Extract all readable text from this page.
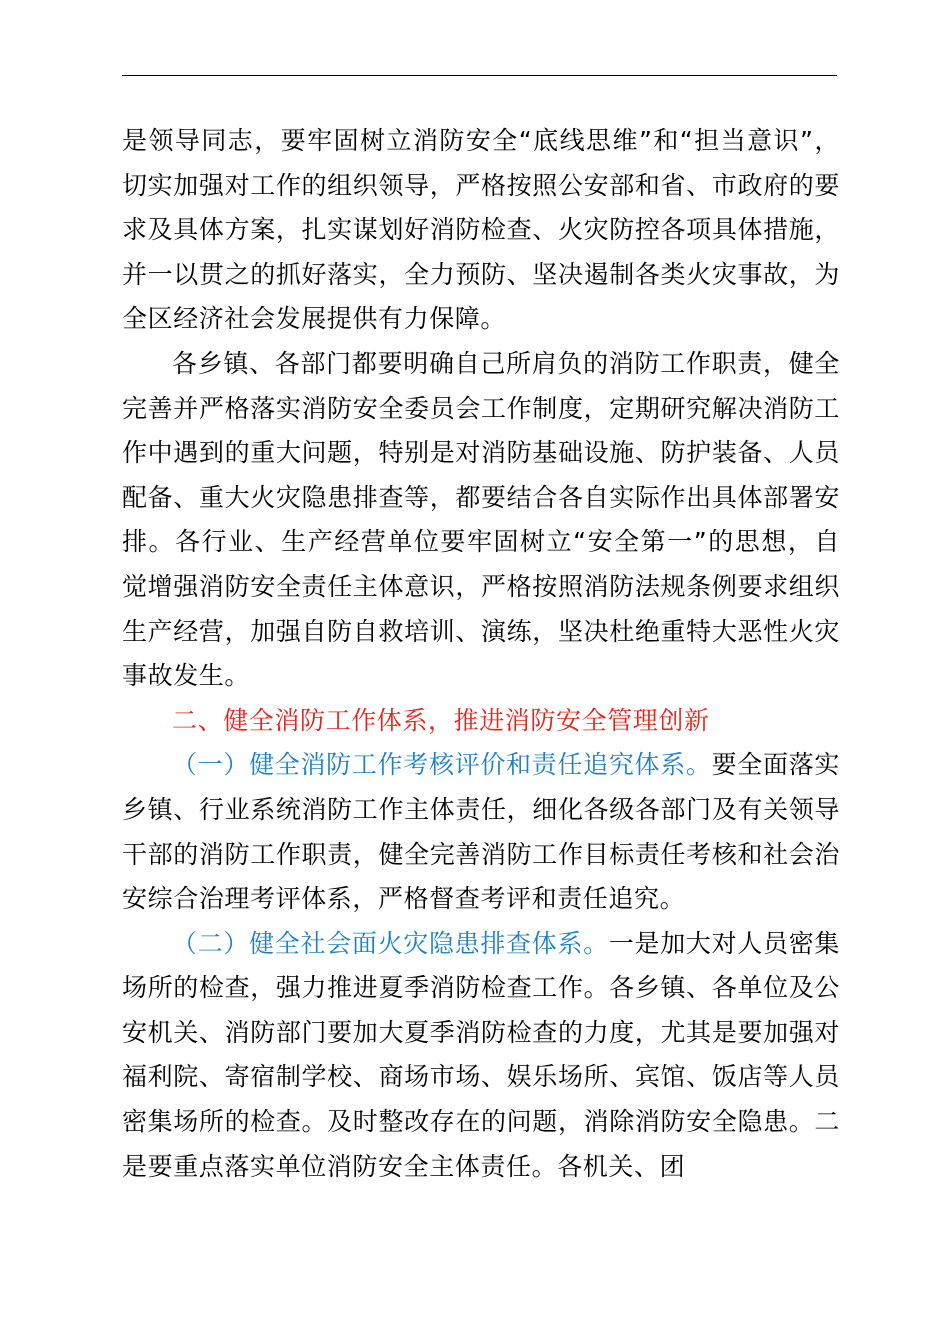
是领导同志，要牢固树立消防安全“底线思维”和“担当意识”，切实加强对工作的组织领导，严格按照公安部和省、市政府的要求及具体方案，扎实谋划好消防检查、火灾防控各项具体措施，并一以贯之的抓好落实，全力预防、坚决遏制各类火灾事故，为全区经济社会发展提供有力保障。

各乡镇、各部门都要明确自己所肩负的消防工作职责，健全完善并严格落实消防安全委员会工作制度，定期研究解决消防工作中遇到的重大问题，特别是对消防基础设施、防护装备、人员配备、重大火灾隐患排查等，都要结合各自实际作出具体部署安排。各行业、生产经营单位要牢固树立“安全第一”的思想，自觉增强消防安全责任主体意识，严格按照消防法规条例要求组织生产经营，加强自防自救培训、演练，坚决杜绝重特大恶性火灾事故发生。

二、健全消防工作体系，推进消防安全管理创新

（一）健全消防工作考核评价和责任追究体系。要全面落实乡镇、行业系统消防工作主体责任，细化各级各部门及有关领导干部的消防工作职责，健全完善消防工作目标责任考核和社会治安综合治理考评体系，严格督查考评和责任追究。

（二）健全社会面火灾隐患排查体系。一是加大对人员密集场所的检查，强力推进夏季消防检查工作。各乡镇、各单位及公安机关、消防部门要加大夏季消防检查的力度，尤其是要加强对福利院、寄宿制学校、商场市场、娱乐场所、宾馆、饭店等人员密集场所的检查。及时整改存在的问题，消除消防安全隐患。二是要重点落实单位消防安全主体责任。各机关、团
